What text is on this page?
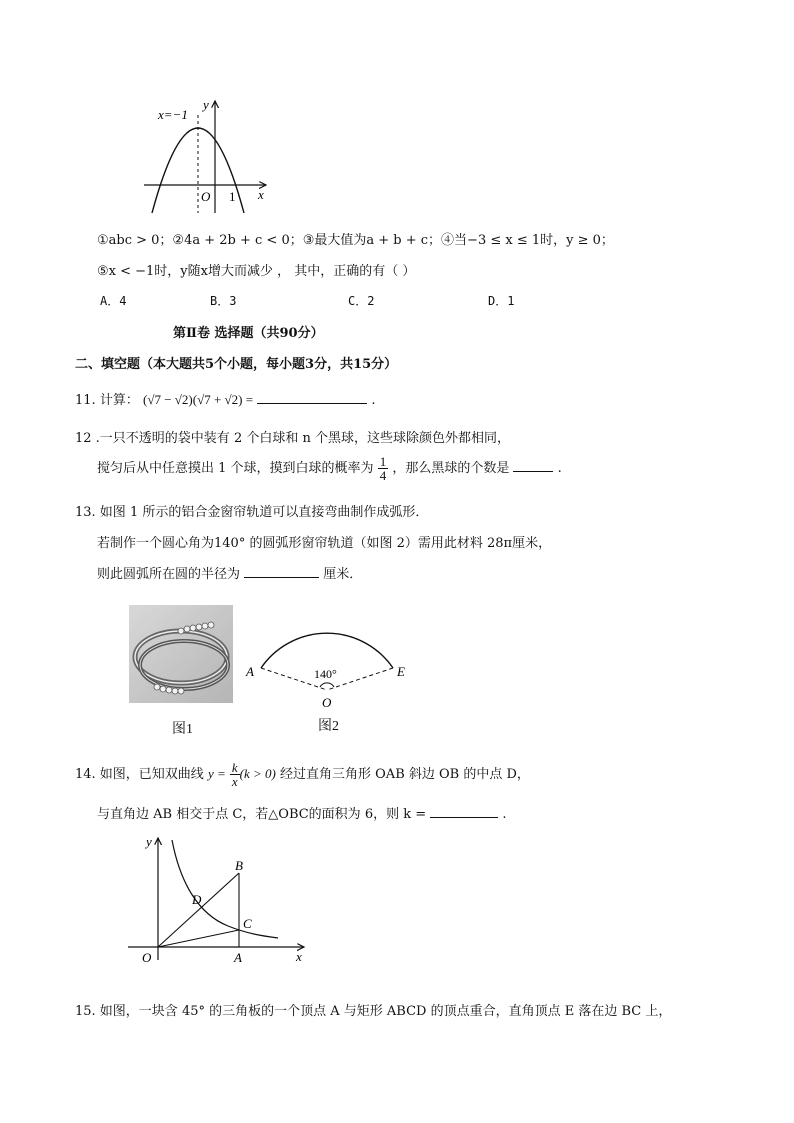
x=−1
y
x
O 1
①abc > 0；②4a + 2b + c < 0；③最大值为a + b + c；④当−3 ≤ x ≤ 1时，y ≥ 0；
⑤x < −1时，y随x增大而减少 ， 其中，正确的有（ ）
A．4	B．3	C．2	D．1
第Ⅱ卷 选择题（共90分）
二、填空题（本大题共5个小题，每小题3分，共15分）
11. 计算： (√7 − √2)(√7 + √2) =	.
12 .一只不透明的袋中装有 2 个白球和 n 个黑球，这些球除颜色外都相同，
搅匀后从中任意摸出 1 个球，摸到白球的概率为 $\frac{1}{4}$ ，那么黑球的个数是	.
13. 如图 1 所示的铝合金窗帘轨道可以直接弯曲制作成弧形．
若制作一个圆心角为140° 的圆弧形窗帘轨道（如图 2）需用此材料 28π厘米，
则此圆弧所在圆的半径为	厘米．
图1
A	E
O
140°
图2
14. 如图，已知双曲线 $y = \frac{k}{x} (k > 0)$ 经过直角三角形 OAB 斜边 OB 的中点 D，
与直角边 AB 相交于点 C，若△OBC的面积为 6，则 k =	.
y
x
O	A
B
C
D
15. 如图，一块含 45° 的三角板的一个顶点 A 与矩形 ABCD 的顶点重合，直角顶点 E 落在边 BC 上，
